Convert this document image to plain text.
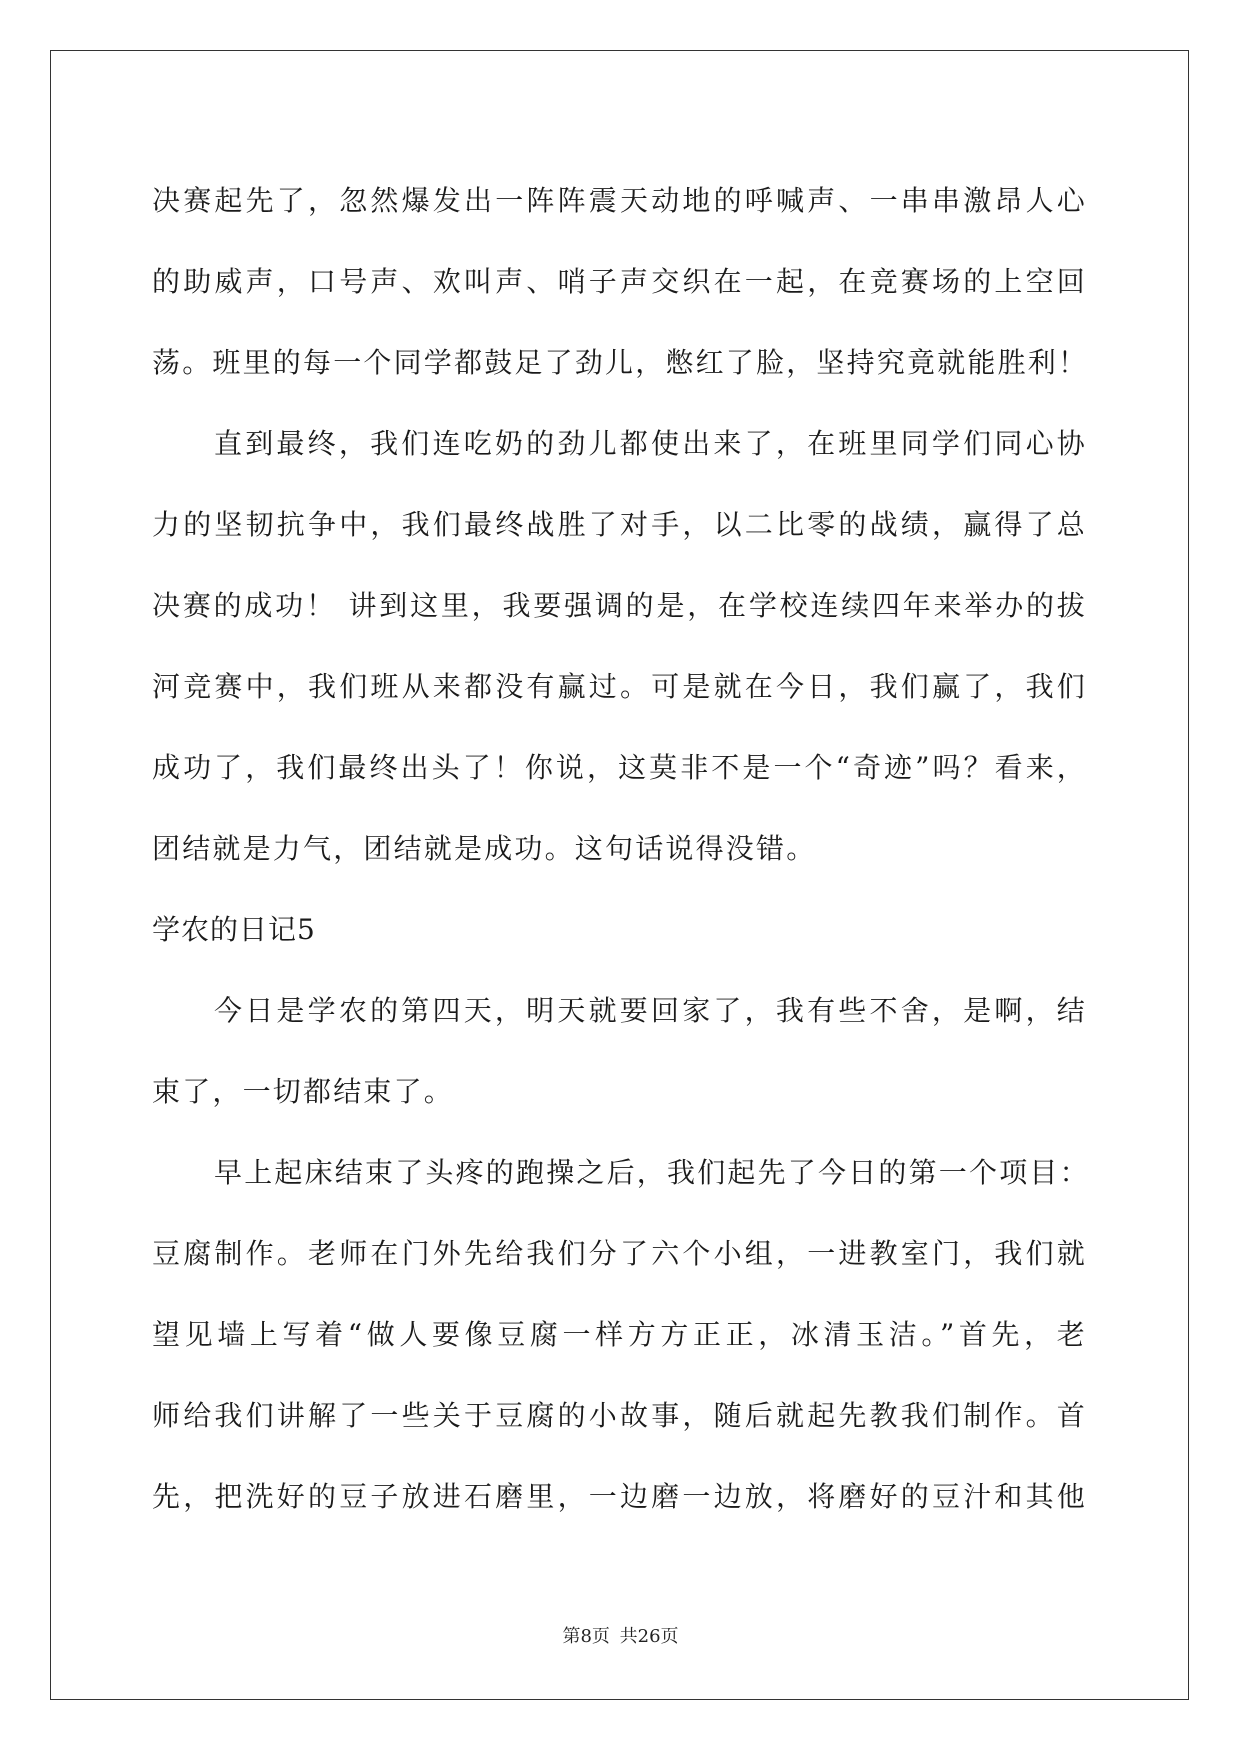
决赛起先了，忽然爆发出一阵阵震天动地的呼喊声、一串串激昂人心
的助威声，口号声、欢叫声、哨子声交织在一起，在竞赛场的上空回
荡。班里的每一个同学都鼓足了劲儿，憋红了脸，坚持究竟就能胜利！
直到最终，我们连吃奶的劲儿都使出来了，在班里同学们同心协
力的坚韧抗争中，我们最终战胜了对手，以二比零的战绩，赢得了总
决赛的成功！ 讲到这里，我要强调的是，在学校连续四年来举办的拔
河竞赛中，我们班从来都没有赢过。可是就在今日，我们赢了，我们
成功了，我们最终出头了！你说，这莫非不是一个“奇迹”吗？看来，
团结就是力气，团结就是成功。这句话说得没错。
学农的日记5
今日是学农的第四天，明天就要回家了，我有些不舍，是啊，结
束了，一切都结束了。
早上起床结束了头疼的跑操之后，我们起先了今日的第一个项目：
豆腐制作。老师在门外先给我们分了六个小组，一进教室门，我们就
望见墙上写着“做人要像豆腐一样方方正正，冰清玉洁。”首先，老
师给我们讲解了一些关于豆腐的小故事，随后就起先教我们制作。首
先，把洗好的豆子放进石磨里，一边磨一边放，将磨好的豆汁和其他
第8页 共26页
